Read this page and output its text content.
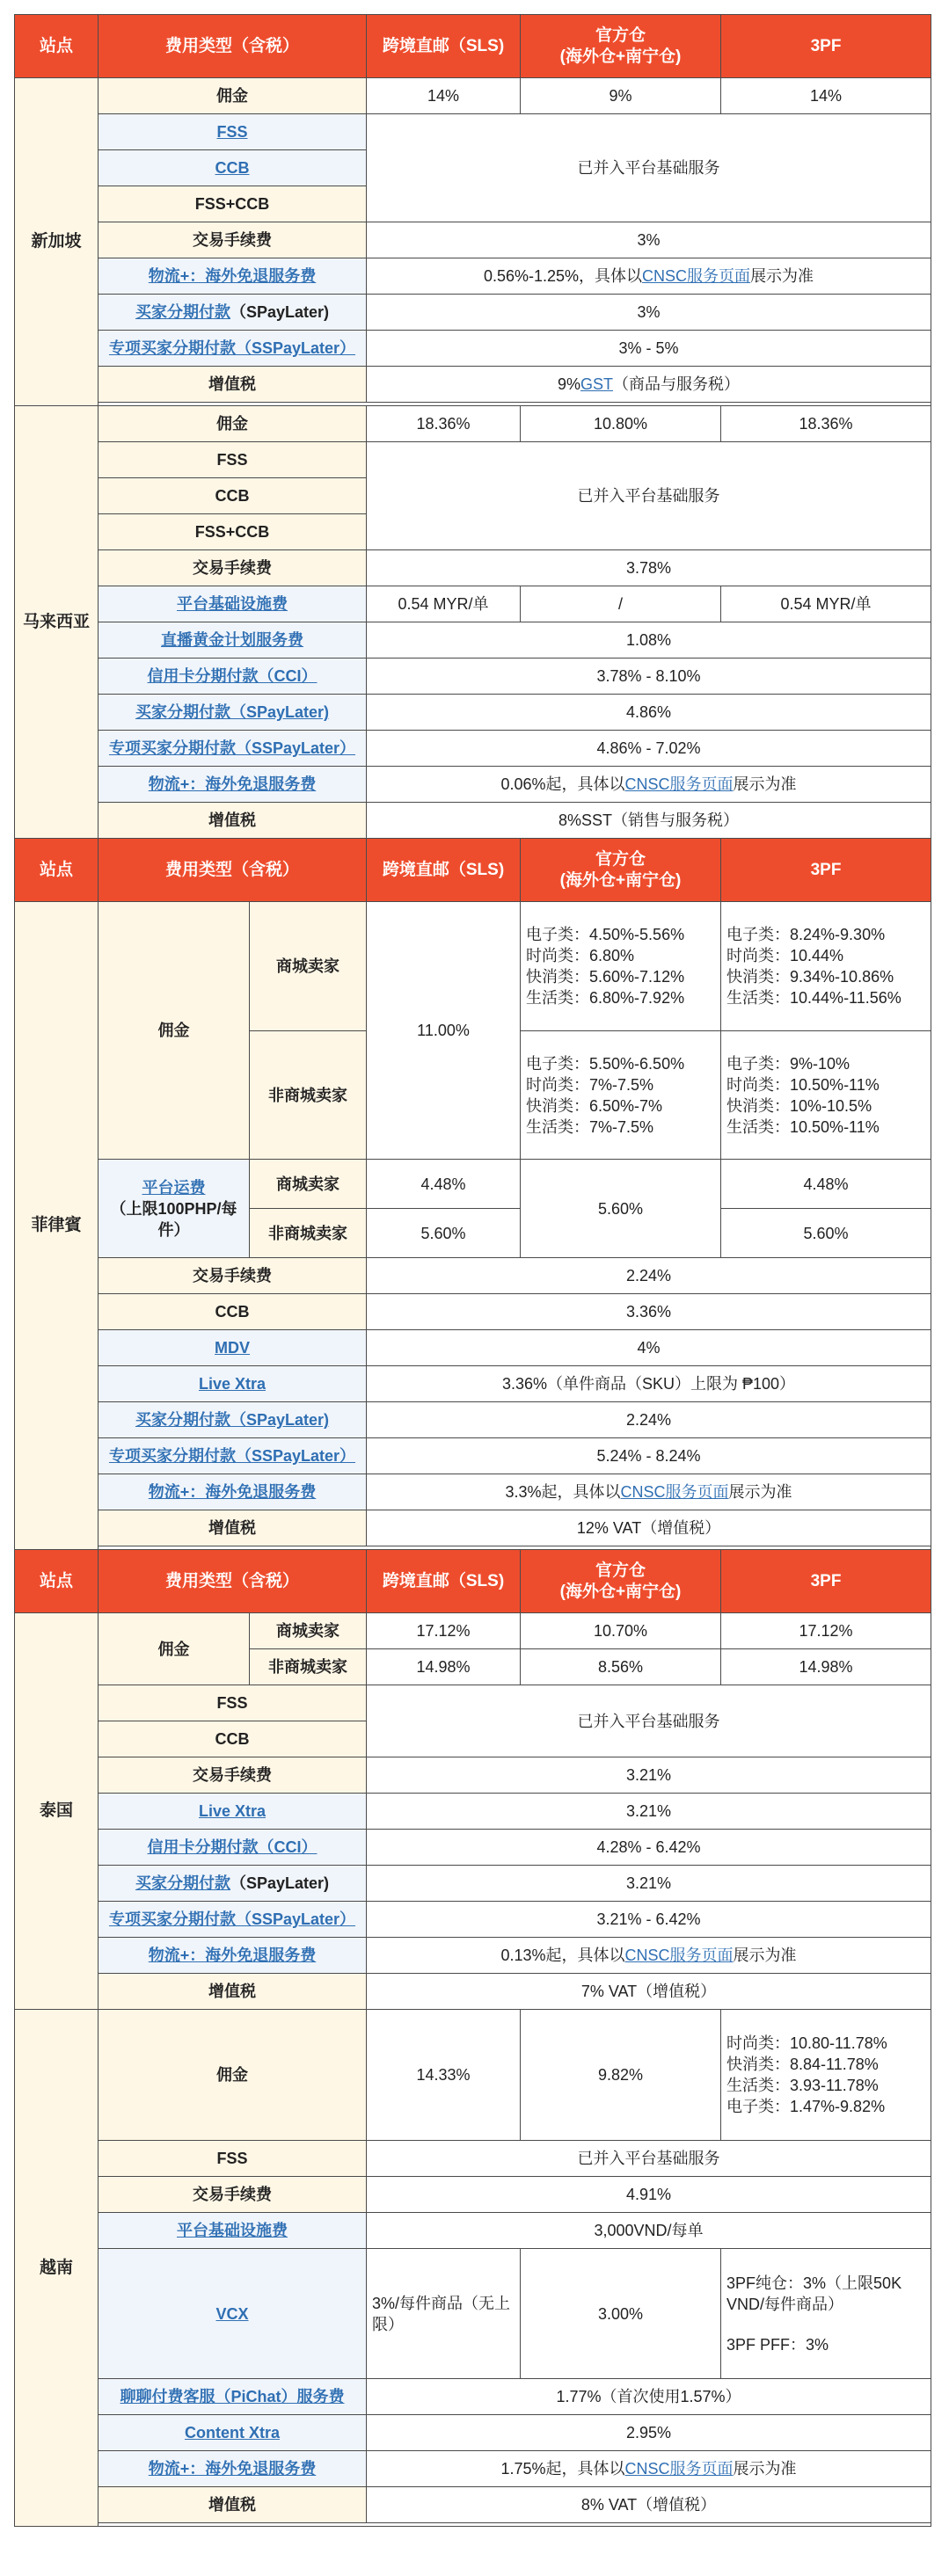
站点	费用类型（含税）		跨境直邮（SLS)	官方仓
(海外仓+南宁仓)	3PF
新加坡	佣金		14%	9%	14%
	FSS		已并入平台基础服务		
	CCB				
	FSS+CCB				
	交易手续费		3%		
	物流+：海外免退服务费		0.56%-1.25%，具体以CNSC服务页面展示为准		
	买家分期付款（SPayLater)		3%		
	专项买家分期付款（SSPayLater）		3% - 5%		
	增值税		9%GST（商品与服务税）		

马来西亚	佣金		18.36%	10.80%	18.36%
	FSS		已并入平台基础服务		
	CCB				
	FSS+CCB				
	交易手续费		3.78%		
	平台基础设施费		0.54 MYR/单	/	0.54 MYR/单
	直播黄金计划服务费		1.08%		
	信用卡分期付款（CCI）		3.78% - 8.10%		
	买家分期付款（SPayLater)		4.86%		
	专项买家分期付款（SSPayLater）		4.86% - 7.02%		
	物流+：海外免退服务费		0.06%起，具体以CNSC服务页面展示为准		
	增值税		8%SST（销售与服务税）		
站点	费用类型（含税）		跨境直邮（SLS)	官方仓
(海外仓+南宁仓)	3PF
菲律賓	佣金	商城卖家	11.00%	电子类：4.50%-5.56%
时尚类：6.80%
快消类：5.60%-7.12%
生活类：6.80%-7.92%	电子类：8.24%-9.30%
时尚类：10.44%
快消类：9.34%-10.86%
生活类：10.44%-11.56%

		非商城卖家		电子类：5.50%-6.50%
时尚类：7%-7.5%
快消类：6.50%-7%
生活类：7%-7.5%	电子类：9%-10%
时尚类：10.50%-11%
快消类：10%-10.5%
生活类：10.50%-11%

	平台运费
（上限100PHP/每件）	商城卖家	4.48%	5.60%	4.48%
		非商城卖家	5.60%		5.60%
	交易手续费		2.24%		
	CCB		3.36%		
	MDV		4%		
	Live Xtra		3.36%（单件商品（SKU）上限为 ₱100）		
	买家分期付款（SPayLater)		2.24%		
	专项买家分期付款（SSPayLater）		5.24% - 8.24%		
	物流+：海外免退服务费		3.3%起，具体以CNSC服务页面展示为准		
	增值税		12% VAT（增值税）		

站点	费用类型（含税）		跨境直邮（SLS)	官方仓
(海外仓+南宁仓)	3PF
泰国	佣金	商城卖家	17.12%	10.70%	17.12%
		非商城卖家	14.98%	8.56%	14.98%
	FSS		已并入平台基础服务		
	CCB				
	交易手续费		3.21%		
	Live Xtra		3.21%		
	信用卡分期付款（CCI）		4.28% - 6.42%		
	买家分期付款（SPayLater)		3.21%		
	专项买家分期付款（SSPayLater）		3.21% - 6.42%		
	物流+：海外免退服务费		0.13%起，具体以CNSC服务页面展示为准		
	增值税		7% VAT（增值税）		
越南	佣金		14.33%	9.82%	时尚类：10.80-11.78%
快消类：8.84-11.78%
生活类：3.93-11.78%
电子类：1.47%-9.82%

	FSS		已并入平台基础服务		
	交易手续费		4.91%		
	平台基础设施费		3,000VND/每单		
	VCX		3%/每件商品（无上限）	3.00%	3PF纯仓：3%（上限50K VND/每件商品）
3PF PFF：3%

	聊聊付费客服（PiChat）服务费		1.77%（首次使用1.57%）		
	Content Xtra		2.95%		
	物流+：海外免退服务费		1.75%起，具体以CNSC服务页面展示为准		
	增值税		8% VAT（增值税）		
